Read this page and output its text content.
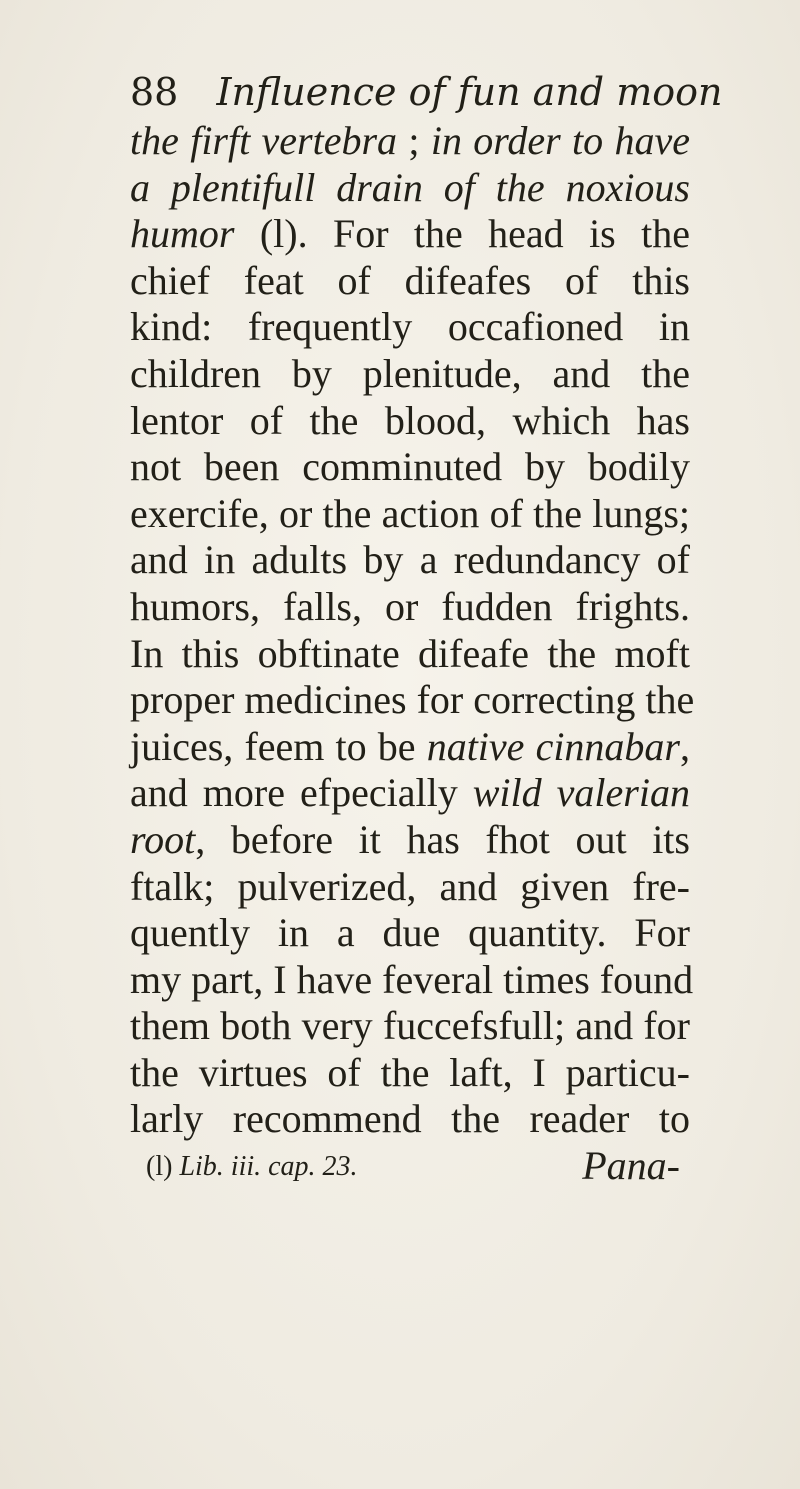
88 Influence of fun and moon
the firft vertebra ; in order to have
a plentifull drain of the noxious
humor (l). For the head is the
chief feat of difeafes of this
kind: frequently occafioned in
children by plenitude, and the
lentor of the blood, which has
not been comminuted by bodily
exercife, or the action of the lungs;
and in adults by a redundancy of
humors, falls, or fudden frights.
In this obftinate difeafe the moft
proper medicines for correcting the
juices, feem to be native cinnabar,
and more efpecially wild valerian
root, before it has fhot out its
ftalk; pulverized, and given fre-
quently in a due quantity. For
my part, I have feveral times found
them both very fuccefsfull; and for
the virtues of the laft, I particu-
larly recommend the reader to
Pana-
(l) Lib. iii. cap. 23.
